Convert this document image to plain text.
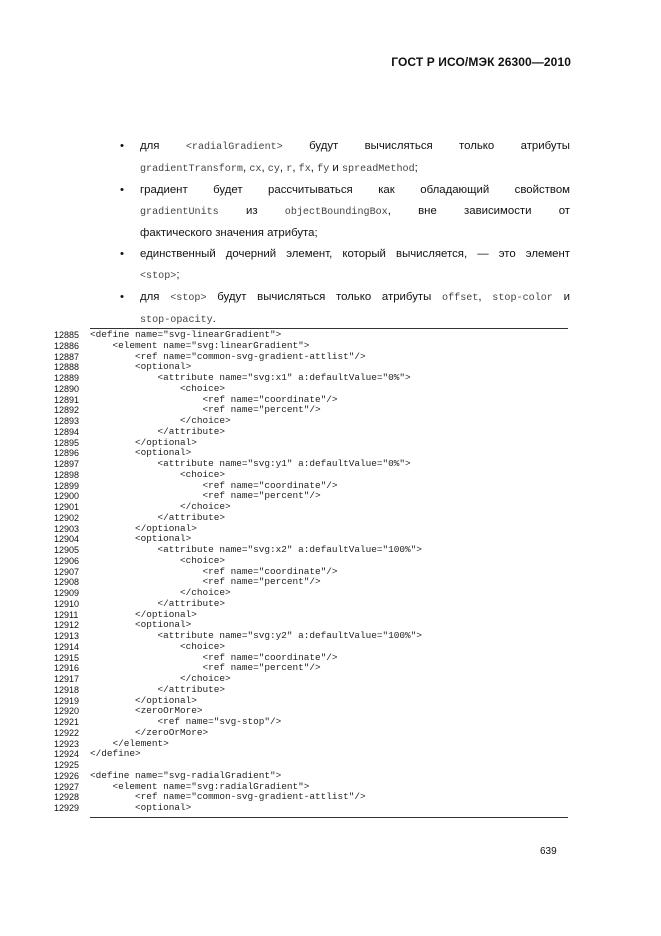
ГОСТ Р ИСО/МЭК 26300—2010
• для <radialGradient> будут вычисляться только атрибуты
gradientTransform, cx, cy, r, fx, fy и spreadMethod;
• градиент будет рассчитываться как обладающий свойством
gradientUnits из objectBoundingBox, вне зависимости от
фактического значения атрибута;
• единственный дочерний элемент, который вычисляется, — это элемент
<stop>;
• для <stop> будут вычисляться только атрибуты offset, stop-color и
stop-opacity.
12885	<define name="svg-linearGradient">
12886	<element name="svg:linearGradient">
12887	<ref name="common-svg-gradient-attlist"/>
12888	<optional>
12889	<attribute name="svg:x1" a:defaultValue="0%">
12890	<choice>
12891	<ref name="coordinate"/>
12892	<ref name="percent"/>
12893	</choice>
12894	</attribute>
12895	</optional>
12896	<optional>
12897	<attribute name="svg:y1" a:defaultValue="0%">
12898	<choice>
12899	<ref name="coordinate"/>
12900	<ref name="percent"/>
12901	</choice>
12902	</attribute>
12903	</optional>
12904	<optional>
12905	<attribute name="svg:x2" a:defaultValue="100%">
12906	<choice>
12907	<ref name="coordinate"/>
12908	<ref name="percent"/>
12909	</choice>
12910	</attribute>
12911	</optional>
12912	<optional>
12913	<attribute name="svg:y2" a:defaultValue="100%">
12914	<choice>
12915	<ref name="coordinate"/>
12916	<ref name="percent"/>
12917	</choice>
12918	</attribute>
12919	</optional>
12920	<zeroOrMore>
12921	<ref name="svg-stop"/>
12922	</zeroOrMore>
12923	</element>
12924	</define>
12925
12926	<define name="svg-radialGradient">
12927	<element name="svg:radialGradient">
12928	<ref name="common-svg-gradient-attlist"/>
12929	<optional>
639
